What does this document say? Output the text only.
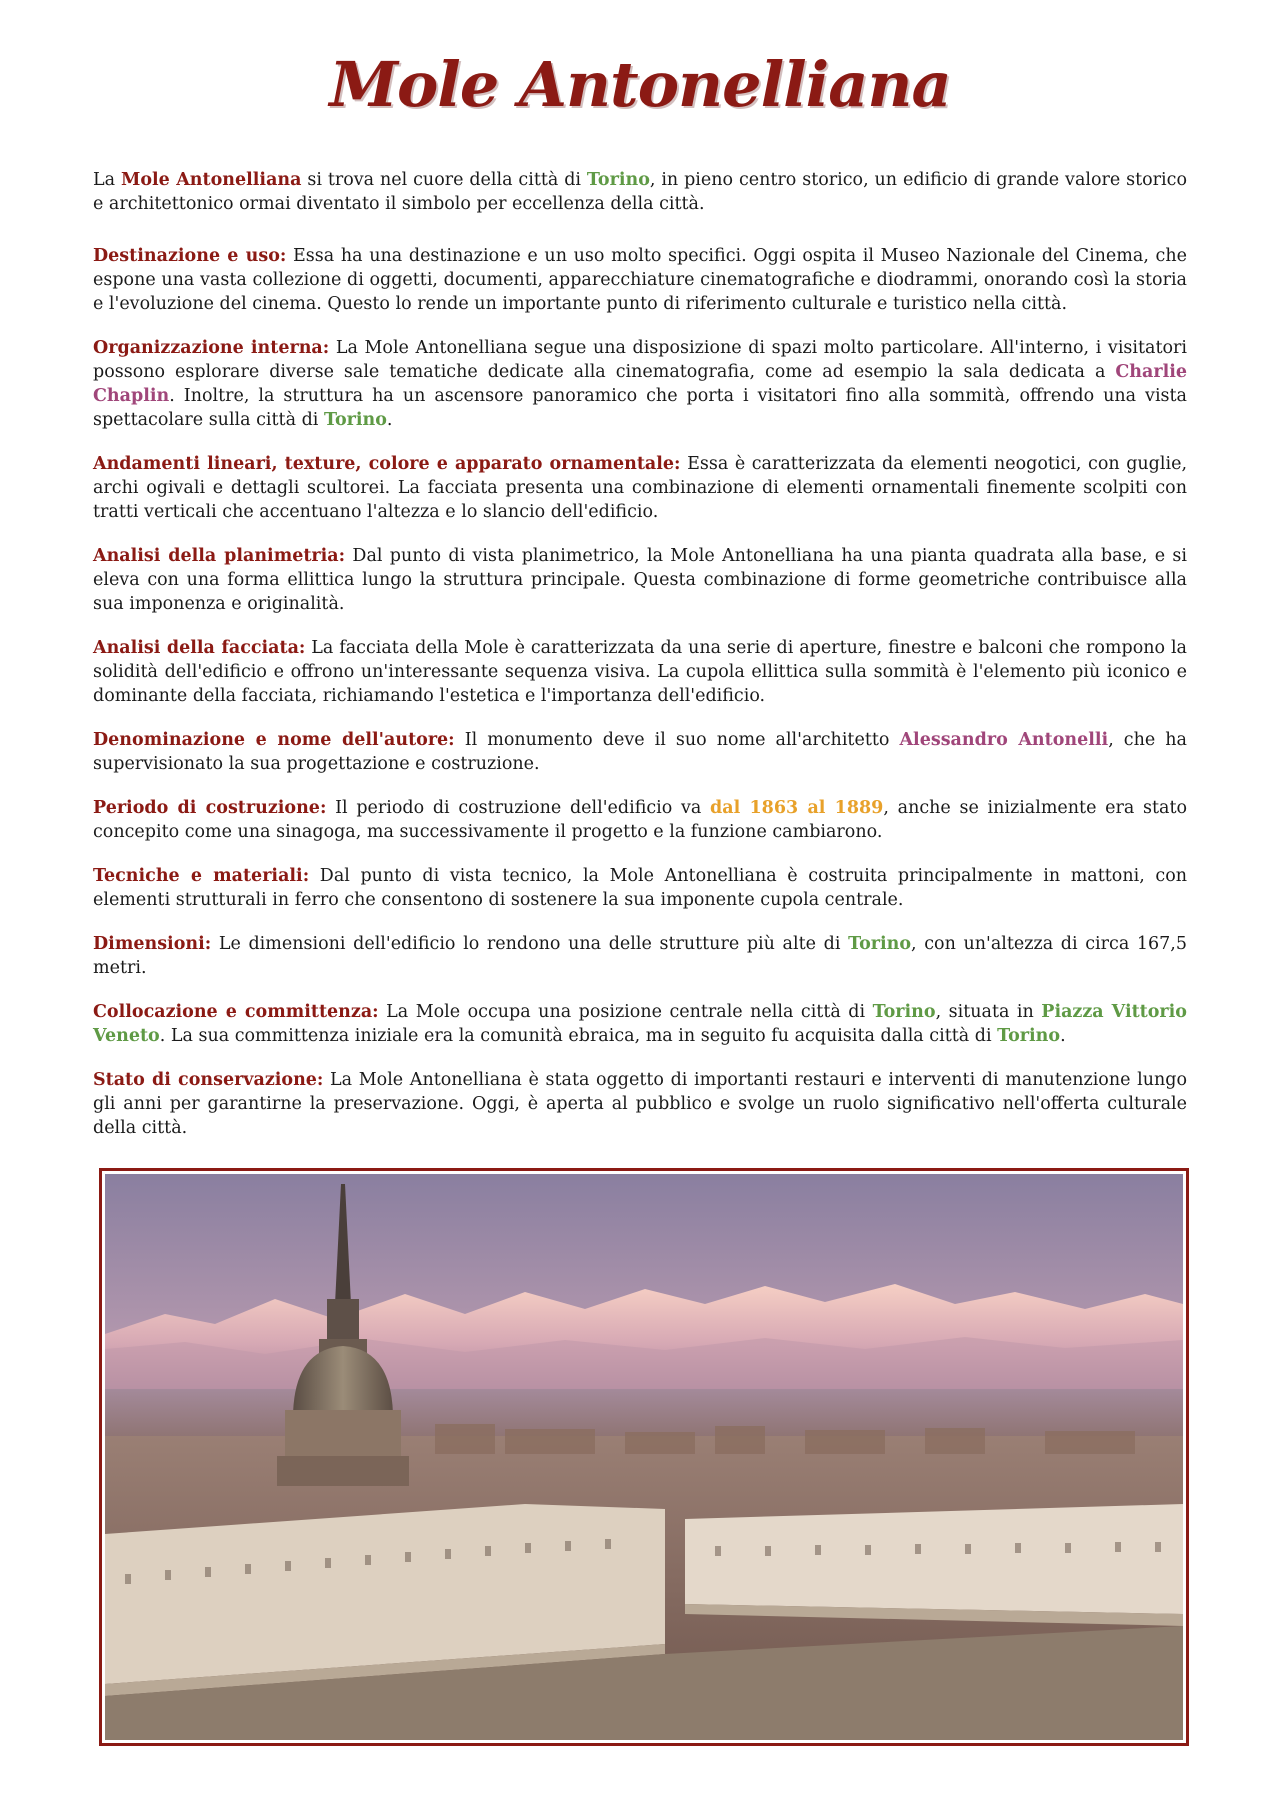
Mole Antonelliana

La Mole Antonelliana si trova nel cuore della città di Torino, in pieno centro storico, un edificio di grande valore storico e architettonico ormai diventato il simbolo per eccellenza della città.

Destinazione e uso: Essa ha una destinazione e un uso molto specifici. Oggi ospita il Museo Nazionale del Cinema, che espone una vasta collezione di oggetti, documenti, apparecchiature cinematografiche e diodrammi, onorando così la storia e l'evoluzione del cinema. Questo lo rende un importante punto di riferimento culturale e turistico nella città.

Organizzazione interna: La Mole Antonelliana segue una disposizione di spazi molto particolare. All'interno, i visitatori possono esplorare diverse sale tematiche dedicate alla cinematografia, come ad esempio la sala dedicata a Charlie Chaplin. Inoltre, la struttura ha un ascensore panoramico che porta i visitatori fino alla sommità, offrendo una vista spettacolare sulla città di Torino.

Andamenti lineari, texture, colore e apparato ornamentale: Essa è caratterizzata da elementi neogotici, con guglie, archi ogivali e dettagli scultorei. La facciata presenta una combinazione di elementi ornamentali finemente scolpiti con tratti verticali che accentuano l'altezza e lo slancio dell'edificio.

Analisi della planimetria: Dal punto di vista planimetrico, la Mole Antonelliana ha una pianta quadrata alla base, e si eleva con una forma ellittica lungo la struttura principale. Questa combinazione di forme geometriche contribuisce alla sua imponenza e originalità.

Analisi della facciata: La facciata della Mole è caratterizzata da una serie di aperture, finestre e balconi che rompono la solidità dell'edificio e offrono un'interessante sequenza visiva. La cupola ellittica sulla sommità è l'elemento più iconico e dominante della facciata, richiamando l'estetica e l'importanza dell'edificio.

Denominazione e nome dell'autore: Il monumento deve il suo nome all'architetto Alessandro Antonelli, che ha supervisionato la sua progettazione e costruzione.

Periodo di costruzione: Il periodo di costruzione dell'edificio va dal 1863 al 1889, anche se inizialmente era stato concepito come una sinagoga, ma successivamente il progetto e la funzione cambiarono.

Tecniche e materiali: Dal punto di vista tecnico, la Mole Antonelliana è costruita principalmente in mattoni, con elementi strutturali in ferro che consentono di sostenere la sua imponente cupola centrale.

Dimensioni: Le dimensioni dell'edificio lo rendono una delle strutture più alte di Torino, con un'altezza di circa 167,5 metri.

Collocazione e committenza: La Mole occupa una posizione centrale nella città di Torino, situata in Piazza Vittorio Veneto. La sua committenza iniziale era la comunità ebraica, ma in seguito fu acquisita dalla città di Torino.

Stato di conservazione: La Mole Antonelliana è stata oggetto di importanti restauri e interventi di manutenzione lungo gli anni per garantirne la preservazione. Oggi, è aperta al pubblico e svolge un ruolo significativo nell'offerta culturale della città.
